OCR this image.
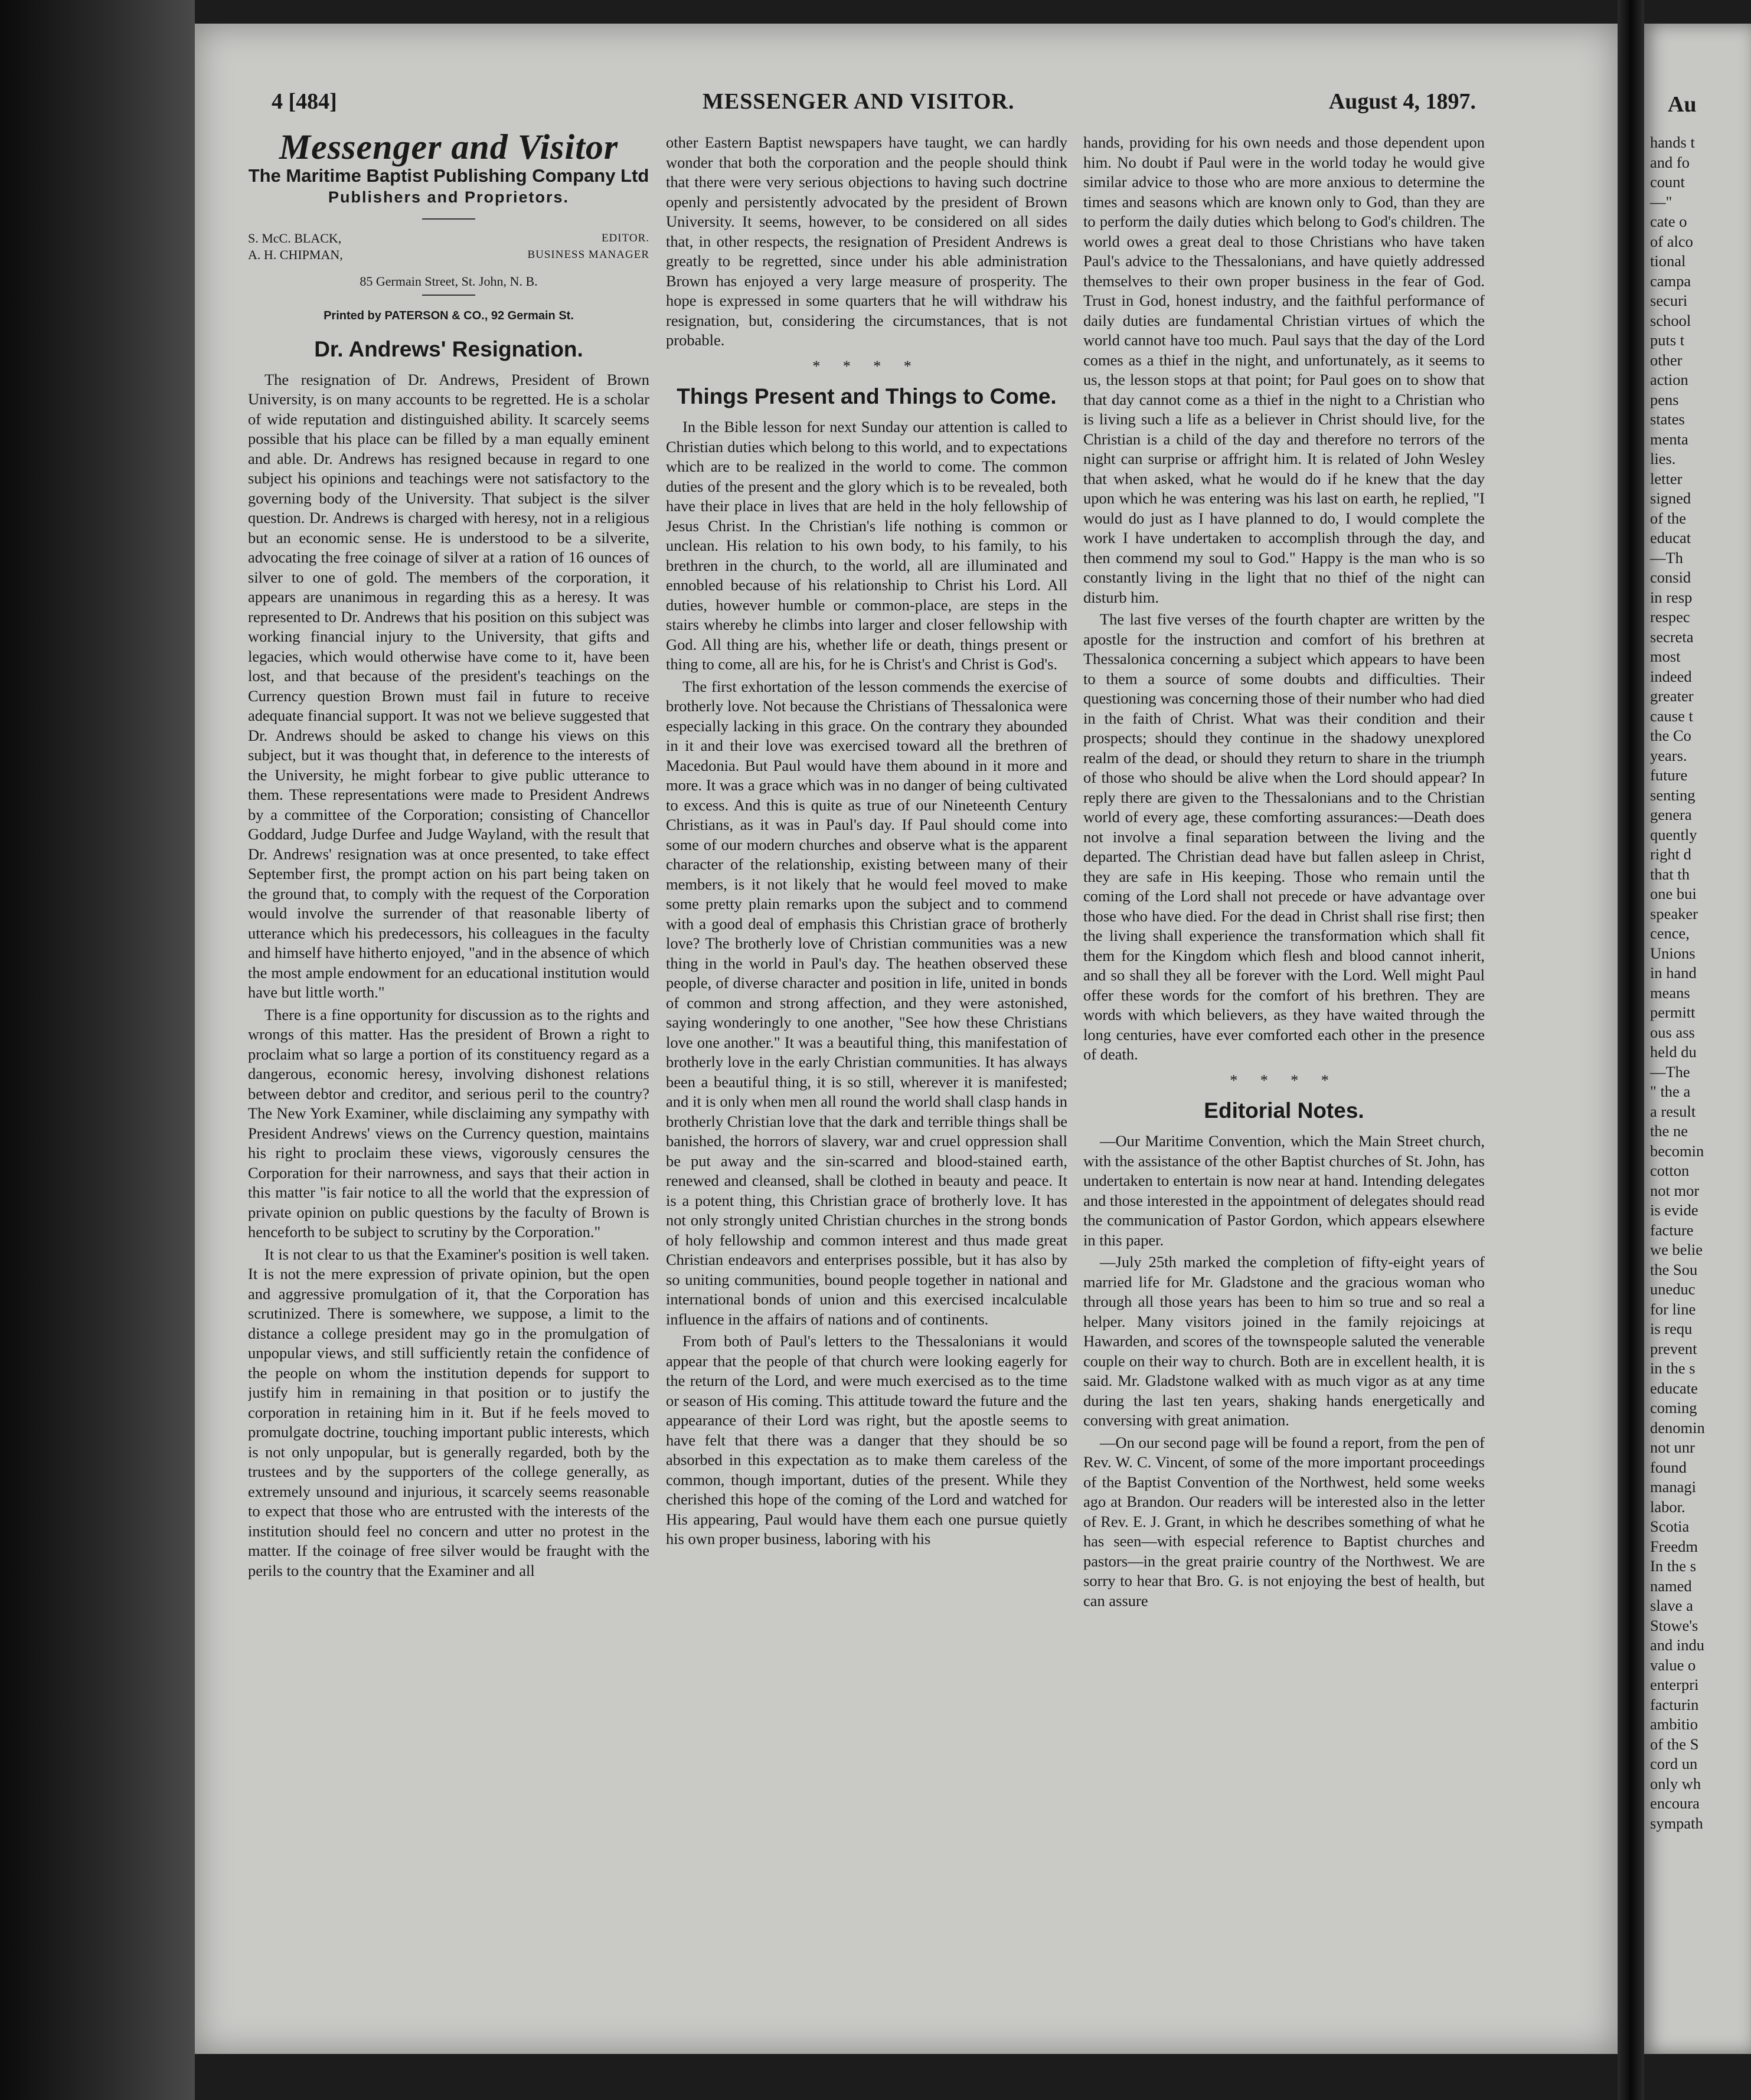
Au
hands t
and fo
count
—"
cate o
of alco
tional
campa
securi
school
puts t
other
action
pens
states
menta
lies.
letter
signed
of the
educat
—Th
consid
in resp
respec
secreta
most
indeed
greater
cause t
the Co
years.
future
senting
genera
quently
right d
that th
one bui
speaker
cence,
Unions
in hand
means
permitt
ous ass
held du
—The
" the a
a result
the ne
becomin
cotton
not mor
is evide
facture
we belie
the Sou
uneduc
for line
is requ
prevent
in the s
educate
coming
denomin
not unr
found
managi
labor.
Scotia
Freedm
In the s
named
slave a
Stowe's
and indu
value o
enterpri
facturin
ambitio
of the S
cord un
only wh
encoura
sympath
4 [484]	MESSENGER AND VISITOR.	August 4, 1897.
Messenger and Visitor
The Maritime Baptist Publishing Company Ltd
Publishers and Proprietors.
S. McC. BLACK,	EDITOR.
A. H. CHIPMAN,	BUSINESS MANAGER
85 Germain Street, St. John, N. B.
Printed by PATERSON & CO., 92 Germain St.
Dr. Andrews' Resignation.

The resignation of Dr. Andrews, President of Brown University, is on many accounts to be regretted. He is a scholar of wide reputation and distinguished ability. It scarcely seems possible that his place can be filled by a man equally eminent and able. Dr. Andrews has resigned because in regard to one subject his opinions and teachings were not satisfactory to the governing body of the University. That subject is the silver question. Dr. Andrews is charged with heresy, not in a religious but an economic sense. He is understood to be a silverite, advocating the free coinage of silver at a ration of 16 ounces of silver to one of gold. The members of the corporation, it appears are unanimous in regarding this as a heresy. It was represented to Dr. Andrews that his position on this subject was working financial injury to the University, that gifts and legacies, which would otherwise have come to it, have been lost, and that because of the president's teachings on the Currency question Brown must fail in future to receive adequate financial support. It was not we believe suggested that Dr. Andrews should be asked to change his views on this subject, but it was thought that, in deference to the interests of the University, he might forbear to give public utterance to them. These representations were made to President Andrews by a committee of the Corporation; consisting of Chancellor Goddard, Judge Durfee and Judge Wayland, with the result that Dr. Andrews' resignation was at once presented, to take effect September first, the prompt action on his part being taken on the ground that, to comply with the request of the Corporation would involve the surrender of that reasonable liberty of utterance which his predecessors, his colleagues in the faculty and himself have hitherto enjoyed, "and in the absence of which the most ample endowment for an educational institution would have but little worth."

There is a fine opportunity for discussion as to the rights and wrongs of this matter. Has the president of Brown a right to proclaim what so large a portion of its constituency regard as a dangerous, economic heresy, involving dishonest relations between debtor and creditor, and serious peril to the country? The New York Examiner, while disclaiming any sympathy with President Andrews' views on the Currency question, maintains his right to proclaim these views, vigorously censures the Corporation for their narrowness, and says that their action in this matter "is fair notice to all the world that the expression of private opinion on public questions by the faculty of Brown is henceforth to be subject to scrutiny by the Corporation."

It is not clear to us that the Examiner's position is well taken. It is not the mere expression of private opinion, but the open and aggressive promulgation of it, that the Corporation has scrutinized. There is somewhere, we suppose, a limit to the distance a college president may go in the promulgation of unpopular views, and still sufficiently retain the confidence of the people on whom the institution depends for support to justify him in remaining in that position or to justify the corporation in retaining him in it. But if he feels moved to promulgate doctrine, touching important public interests, which is not only unpopular, but is generally regarded, both by the trustees and by the supporters of the college generally, as extremely unsound and injurious, it scarcely seems reasonable to expect that those who are entrusted with the interests of the institution should feel no concern and utter no protest in the matter. If the coinage of free silver would be fraught with the perils to the country that the Examiner and all

other Eastern Baptist newspapers have taught, we can hardly wonder that both the corporation and the people should think that there were very serious objections to having such doctrine openly and persistently advocated by the president of Brown University. It seems, however, to be considered on all sides that, in other respects, the resignation of President Andrews is greatly to be regretted, since under his able administration Brown has enjoyed a very large measure of prosperity. The hope is expressed in some quarters that he will withdraw his resignation, but, considering the circumstances, that is not probable.

* * * *
Things Present and Things to Come.

In the Bible lesson for next Sunday our attention is called to Christian duties which belong to this world, and to expectations which are to be realized in the world to come. The common duties of the present and the glory which is to be revealed, both have their place in lives that are held in the holy fellowship of Jesus Christ. In the Christian's life nothing is common or unclean. His relation to his own body, to his family, to his brethren in the church, to the world, all are illuminated and ennobled because of his relationship to Christ his Lord. All duties, however humble or common-place, are steps in the stairs whereby he climbs into larger and closer fellowship with God. All thing are his, whether life or death, things present or thing to come, all are his, for he is Christ's and Christ is God's.

The first exhortation of the lesson commends the exercise of brotherly love. Not because the Christians of Thessalonica were especially lacking in this grace. On the contrary they abounded in it and their love was exercised toward all the brethren of Macedonia. But Paul would have them abound in it more and more. It was a grace which was in no danger of being cultivated to excess. And this is quite as true of our Nineteenth Century Christians, as it was in Paul's day. If Paul should come into some of our modern churches and observe what is the apparent character of the relationship, existing between many of their members, is it not likely that he would feel moved to make some pretty plain remarks upon the subject and to commend with a good deal of emphasis this Christian grace of brotherly love? The brotherly love of Christian communities was a new thing in the world in Paul's day. The heathen observed these people, of diverse character and position in life, united in bonds of common and strong affection, and they were astonished, saying wonderingly to one another, "See how these Christians love one another." It was a beautiful thing, this manifestation of brotherly love in the early Christian communities. It has always been a beautiful thing, it is so still, wherever it is manifested; and it is only when men all round the world shall clasp hands in brotherly Christian love that the dark and terrible things shall be banished, the horrors of slavery, war and cruel oppression shall be put away and the sin-scarred and blood-stained earth, renewed and cleansed, shall be clothed in beauty and peace. It is a potent thing, this Christian grace of brotherly love. It has not only strongly united Christian churches in the strong bonds of holy fellowship and common interest and thus made great Christian endeavors and enterprises possible, but it has also by so uniting communities, bound people together in national and international bonds of union and this exercised incalculable influence in the affairs of nations and of continents.

From both of Paul's letters to the Thessalonians it would appear that the people of that church were looking eagerly for the return of the Lord, and were much exercised as to the time or season of His coming. This attitude toward the future and the appearance of their Lord was right, but the apostle seems to have felt that there was a danger that they should be so absorbed in this expectation as to make them careless of the common, though important, duties of the present. While they cherished this hope of the coming of the Lord and watched for His appearing, Paul would have them each one pursue quietly his own proper business, laboring with his

hands, providing for his own needs and those dependent upon him. No doubt if Paul were in the world today he would give similar advice to those who are more anxious to determine the times and seasons which are known only to God, than they are to perform the daily duties which belong to God's children. The world owes a great deal to those Christians who have taken Paul's advice to the Thessalonians, and have quietly addressed themselves to their own proper business in the fear of God. Trust in God, honest industry, and the faithful performance of daily duties are fundamental Christian virtues of which the world cannot have too much. Paul says that the day of the Lord comes as a thief in the night, and unfortunately, as it seems to us, the lesson stops at that point; for Paul goes on to show that that day cannot come as a thief in the night to a Christian who is living such a life as a believer in Christ should live, for the Christian is a child of the day and therefore no terrors of the night can surprise or affright him. It is related of John Wesley that when asked, what he would do if he knew that the day upon which he was entering was his last on earth, he replied, "I would do just as I have planned to do, I would complete the work I have undertaken to accomplish through the day, and then commend my soul to God." Happy is the man who is so constantly living in the light that no thief of the night can disturb him.

The last five verses of the fourth chapter are written by the apostle for the instruction and comfort of his brethren at Thessalonica concerning a subject which appears to have been to them a source of some doubts and difficulties. Their questioning was concerning those of their number who had died in the faith of Christ. What was their condition and their prospects; should they continue in the shadowy unexplored realm of the dead, or should they return to share in the triumph of those who should be alive when the Lord should appear? In reply there are given to the Thessalonians and to the Christian world of every age, these comforting assurances:—Death does not involve a final separation between the living and the departed. The Christian dead have but fallen asleep in Christ, they are safe in His keeping. Those who remain until the coming of the Lord shall not precede or have advantage over those who have died. For the dead in Christ shall rise first; then the living shall experience the transformation which shall fit them for the Kingdom which flesh and blood cannot inherit, and so shall they all be forever with the Lord. Well might Paul offer these words for the comfort of his brethren. They are words with which believers, as they have waited through the long centuries, have ever comforted each other in the presence of death.

* * * *
Editorial Notes.

—Our Maritime Convention, which the Main Street church, with the assistance of the other Baptist churches of St. John, has undertaken to entertain is now near at hand. Intending delegates and those interested in the appointment of delegates should read the communication of Pastor Gordon, which appears elsewhere in this paper.

—July 25th marked the completion of fifty-eight years of married life for Mr. Gladstone and the gracious woman who through all those years has been to him so true and so real a helper. Many visitors joined in the family rejoicings at Hawarden, and scores of the townspeople saluted the venerable couple on their way to church. Both are in excellent health, it is said. Mr. Gladstone walked with as much vigor as at any time during the last ten years, shaking hands energetically and conversing with great animation.

—On our second page will be found a report, from the pen of Rev. W. C. Vincent, of some of the more important proceedings of the Baptist Convention of the Northwest, held some weeks ago at Brandon. Our readers will be interested also in the letter of Rev. E. J. Grant, in which he describes something of what he has seen—with especial reference to Baptist churches and pastors—in the great prairie country of the Northwest. We are sorry to hear that Bro. G. is not enjoying the best of health, but can assure
